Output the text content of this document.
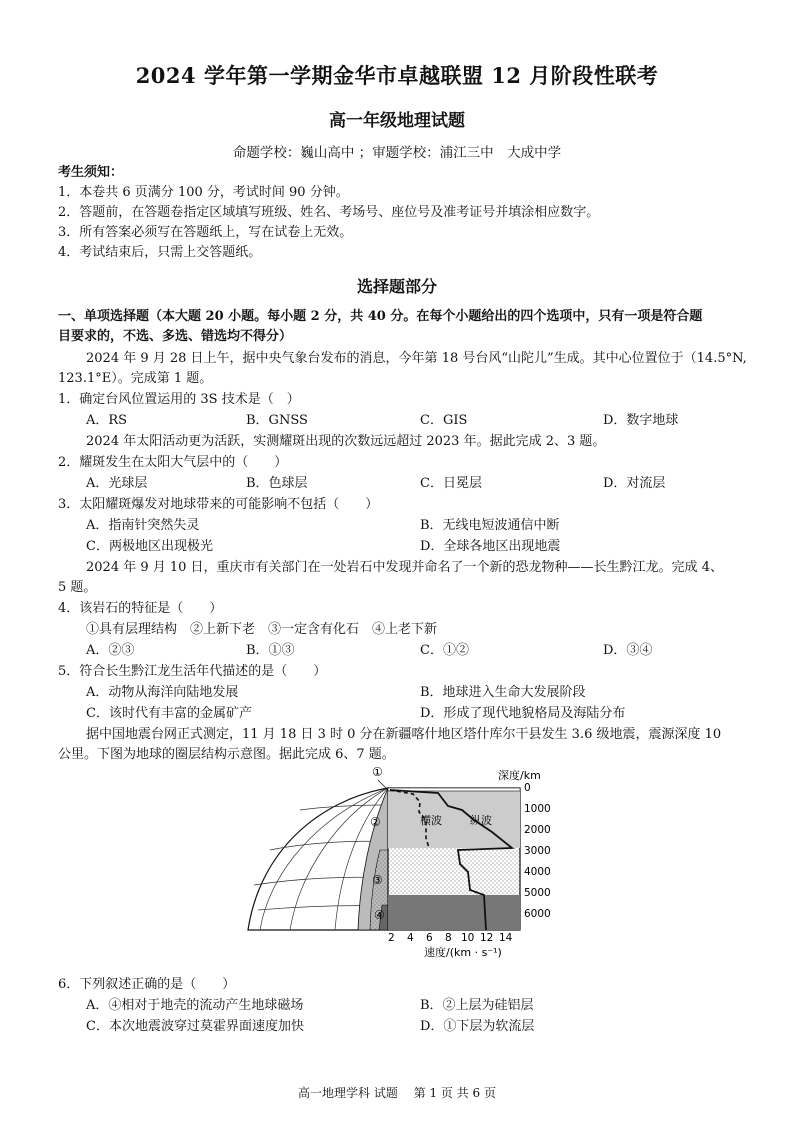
2024 学年第一学期金华市卓越联盟 12 月阶段性联考
高一年级地理试题
命题学校：巍山高中 ；审题学校：浦江三中　大成中学
考生须知：
1．本卷共 6 页满分 100 分，考试时间 90 分钟。
2．答题前，在答题卷指定区域填写班级、姓名、考场号、座位号及准考证号并填涂相应数字。
3．所有答案必须写在答题纸上，写在试卷上无效。
4．考试结束后，只需上交答题纸。
选择题部分
一、单项选择题（本大题 20 小题。每小题 2 分，共 40 分。在每个小题给出的四个选项中，只有一项是符合题
目要求的，不选、多选、错选均不得分）
2024 年 9 月 28 日上午，据中央气象台发布的消息，今年第 18 号台风“山陀儿”生成。其中心位置位于（14.5°N,
123.1°E）。完成第 1 题。
1．确定台风位置运用的 3S 技术是（　）
A．RS	B．GNSS	C．GIS	D．数字地球
2024 年太阳活动更为活跃，实测耀斑出现的次数远远超过 2023 年。据此完成 2、3 题。
2．耀斑发生在太阳大气层中的（　　）
A．光球层	B．色球层	C．日冕层	D．对流层
3．太阳耀斑爆发对地球带来的可能影响不包括（　　）
A．指南针突然失灵	B．无线电短波通信中断
C．两极地区出现极光	D．全球各地区出现地震
2024 年 9 月 10 日，重庆市有关部门在一处岩石中发现并命名了一个新的恐龙物种——长生黔江龙。完成 4、
5 题。
4．该岩石的特征是（　　）
①具有层理结构　②上新下老　③一定含有化石　④上老下新
A．②③	B．①③	C．①②	D．③④
5．符合长生黔江龙生活年代描述的是（　　）
A．动物从海洋向陆地发展	B．地球进入生命大发展阶段
C．该时代有丰富的金属矿产	D．形成了现代地貌格局及海陆分布
据中国地震台网正式测定，11 月 18 日 3 时 0 分在新疆喀什地区塔什库尔干县发生 3.6 级地震，震源深度 10
公里。下图为地球的圈层结构示意图。据此完成 6、7 题。
横波	纵波
①
②
③
④
深度/km
0
1000
2000
3000
4000
5000
6000
2 4 6 8 10 12 14
速度/(km · s⁻¹)
6．下列叙述正确的是（　　）
A．④相对于地壳的流动产生地球磁场	B．②上层为硅铝层
C．本次地震波穿过莫霍界面速度加快	D．①下层为软流层
高一地理学科 试题　 第 1 页 共 6 页
